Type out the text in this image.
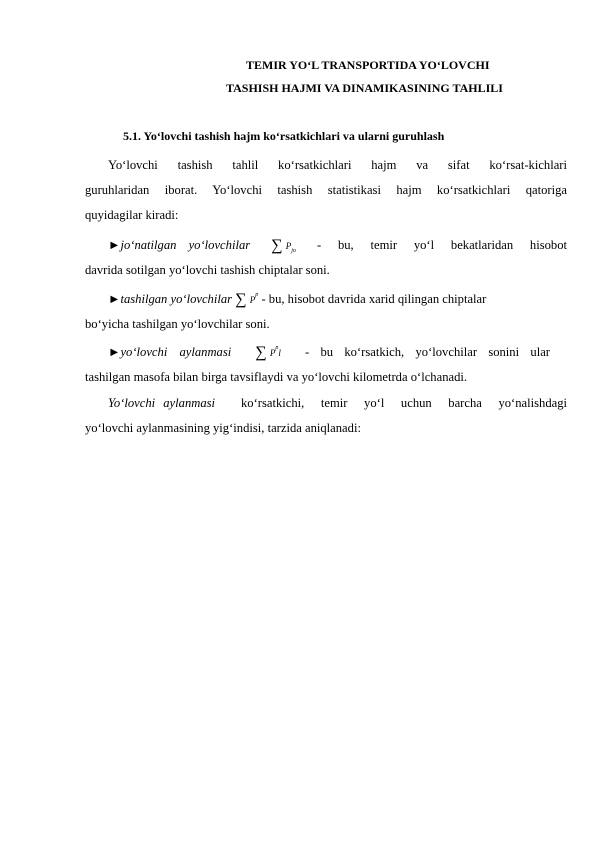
TEMIR YO‘L TRANSPORTIDA YO‘LOVCHI
TASHISH HAJMI VA DINAMIKASINING TAHLILI
5.1. Yo‘lovchi tashish hajm ko‘rsatkichlari va ularni guruhlash
Yo‘lovchi tashish tahlil ko‘rsatkichlari hajm va sifat ko‘rsat-kichlari
guruhlaridan iborat. Yo‘lovchi tashish statistikasi hajm ko‘rsatkichlari qatoriga
quyidagilar kiradi:
►jo‘natilgan yo‘lovchilar ∑ $P_{jo}$ - bu, temir yo‘l bekatlaridan hisobot
davrida sotilgan yo‘lovchi tashish chiptalar soni.
►tashilgan yo‘lovchilar ∑ $P^p$ - bu, hisobot davrida xarid qilingan chiptalar
bo‘yicha tashilgan yo‘lovchilar soni.
►yo‘lovchi aylanmasi ∑ $P^pl$ - bu ko‘rsatkich, yo‘lovchilar sonini ular
tashilgan masofa bilan birga tavsiflaydi va yo‘lovchi kilometrda o‘lchanadi.
Yo‘lovchi aylanmasi ko‘rsatkichi, temir yo‘l uchun barcha yo‘nalishdagi
yo‘lovchi aylanmasining yig‘indisi, tarzida aniqlanadi:
